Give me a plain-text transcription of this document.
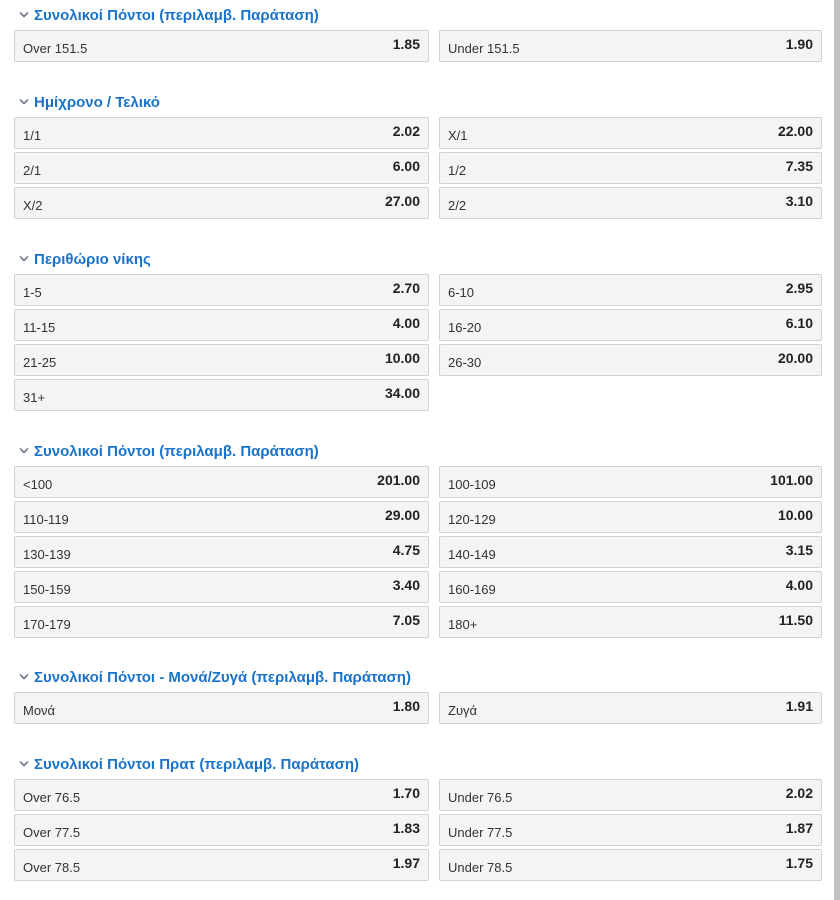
Συνολικοί Πόντοι (περιλαμβ. Παράταση)
Over 151.5	1.85 Under 151.5	1.90
Ημίχρονο / Τελικό
1/1	2.02 X/1	22.00
2/1	6.00 1/2	7.35
X/2	27.00 2/2	3.10
Περιθώριο νίκης
1-5	2.70 6-10	2.95
11-15	4.00 16-20	6.10
21-25	10.00 26-30	20.00
31+	34.00
Συνολικοί Πόντοι (περιλαμβ. Παράταση)
<100	201.00 100-109	101.00
110-119	29.00 120-129	10.00
130-139	4.75 140-149	3.15
150-159	3.40 160-169	4.00
170-179	7.05 180+	11.50
Συνολικοί Πόντοι - Μονά/Ζυγά (περιλαμβ. Παράταση)
Μονά	1.80 Ζυγά	1.91
Συνολικοί Πόντοι Πρατ (περιλαμβ. Παράταση)
Over 76.5	1.70 Under 76.5	2.02
Over 77.5	1.83 Under 77.5	1.87
Over 78.5	1.97 Under 78.5	1.75
